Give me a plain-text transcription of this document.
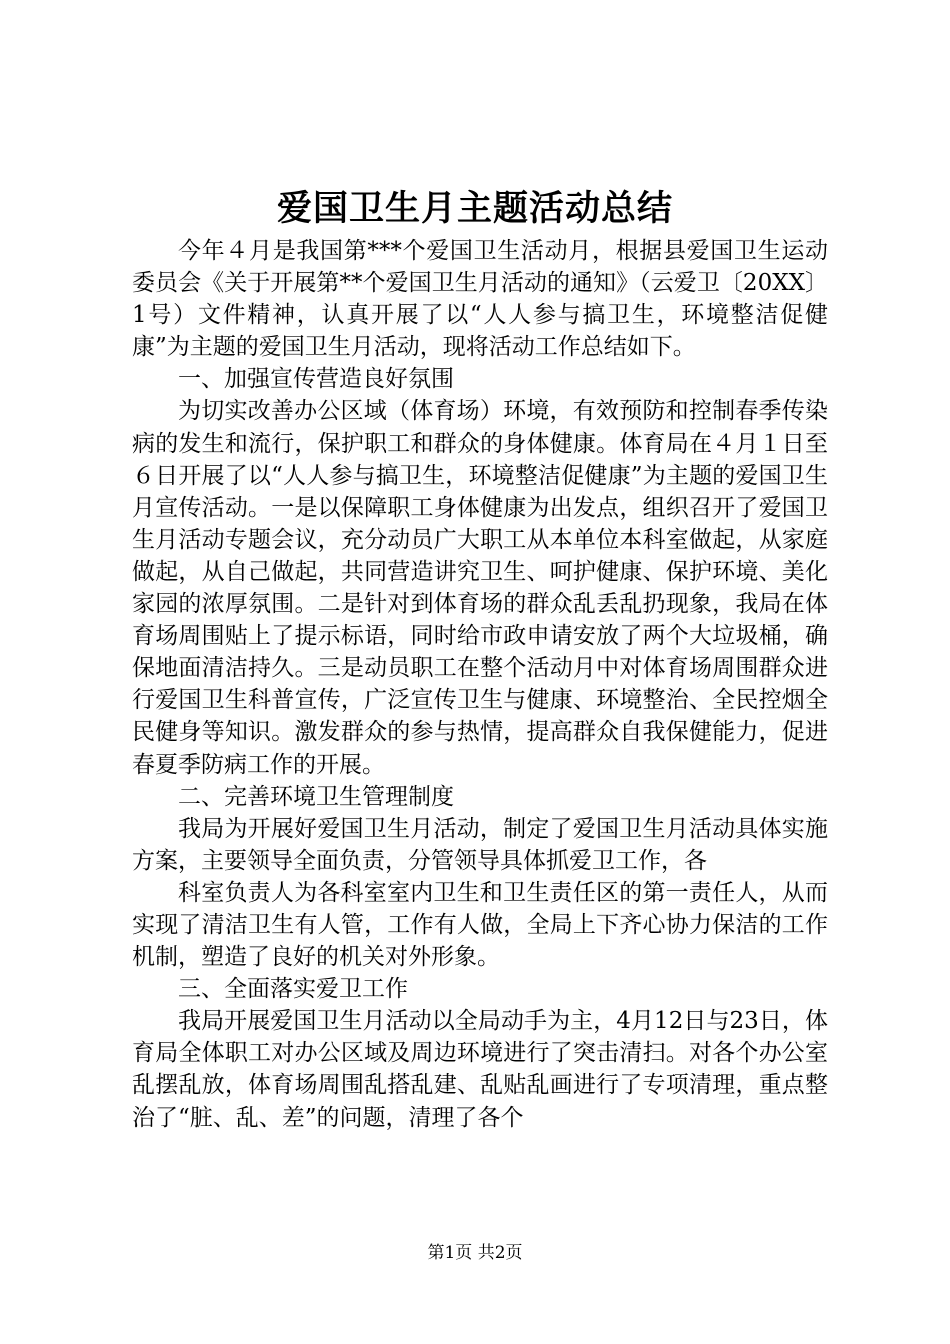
爱国卫生月主题活动总结

今年４月是我国第***个爱国卫生活动月，根据县爱国卫生运动委员会《关于开展第**个爱国卫生月活动的通知》（云爱卫〔20XX〕1号）文件精神，认真开展了以“人人参与搞卫生，环境整洁促健康”为主题的爱国卫生月活动，现将活动工作总结如下。

一、加强宣传营造良好氛围

为切实改善办公区域（体育场）环境，有效预防和控制春季传染病的发生和流行，保护职工和群众的身体健康。体育局在４月１日至６日开展了以“人人参与搞卫生，环境整洁促健康”为主题的爱国卫生月宣传活动。一是以保障职工身体健康为出发点，组织召开了爱国卫生月活动专题会议，充分动员广大职工从本单位本科室做起，从家庭做起，从自己做起，共同营造讲究卫生、呵护健康、保护环境、美化家园的浓厚氛围。二是针对到体育场的群众乱丢乱扔现象，我局在体育场周围贴上了提示标语，同时给市政申请安放了两个大垃圾桶，确保地面清洁持久。三是动员职工在整个活动月中对体育场周围群众进行爱国卫生科普宣传，广泛宣传卫生与健康、环境整治、全民控烟全民健身等知识。激发群众的参与热情，提高群众自我保健能力，促进春夏季防病工作的开展。

二、完善环境卫生管理制度

我局为开展好爱国卫生月活动，制定了爱国卫生月活动具体实施方案，主要领导全面负责，分管领导具体抓爱卫工作，各

科室负责人为各科室室内卫生和卫生责任区的第一责任人，从而实现了清洁卫生有人管，工作有人做，全局上下齐心协力保洁的工作机制，塑造了良好的机关对外形象。

三、全面落实爱卫工作

我局开展爱国卫生月活动以全局动手为主，4月12日与23日，体育局全体职工对办公区域及周边环境进行了突击清扫。对各个办公室乱摆乱放，体育场周围乱搭乱建、乱贴乱画进行了专项清理，重点整治了“脏、乱、差”的问题，清理了各个

第1页 共2页
